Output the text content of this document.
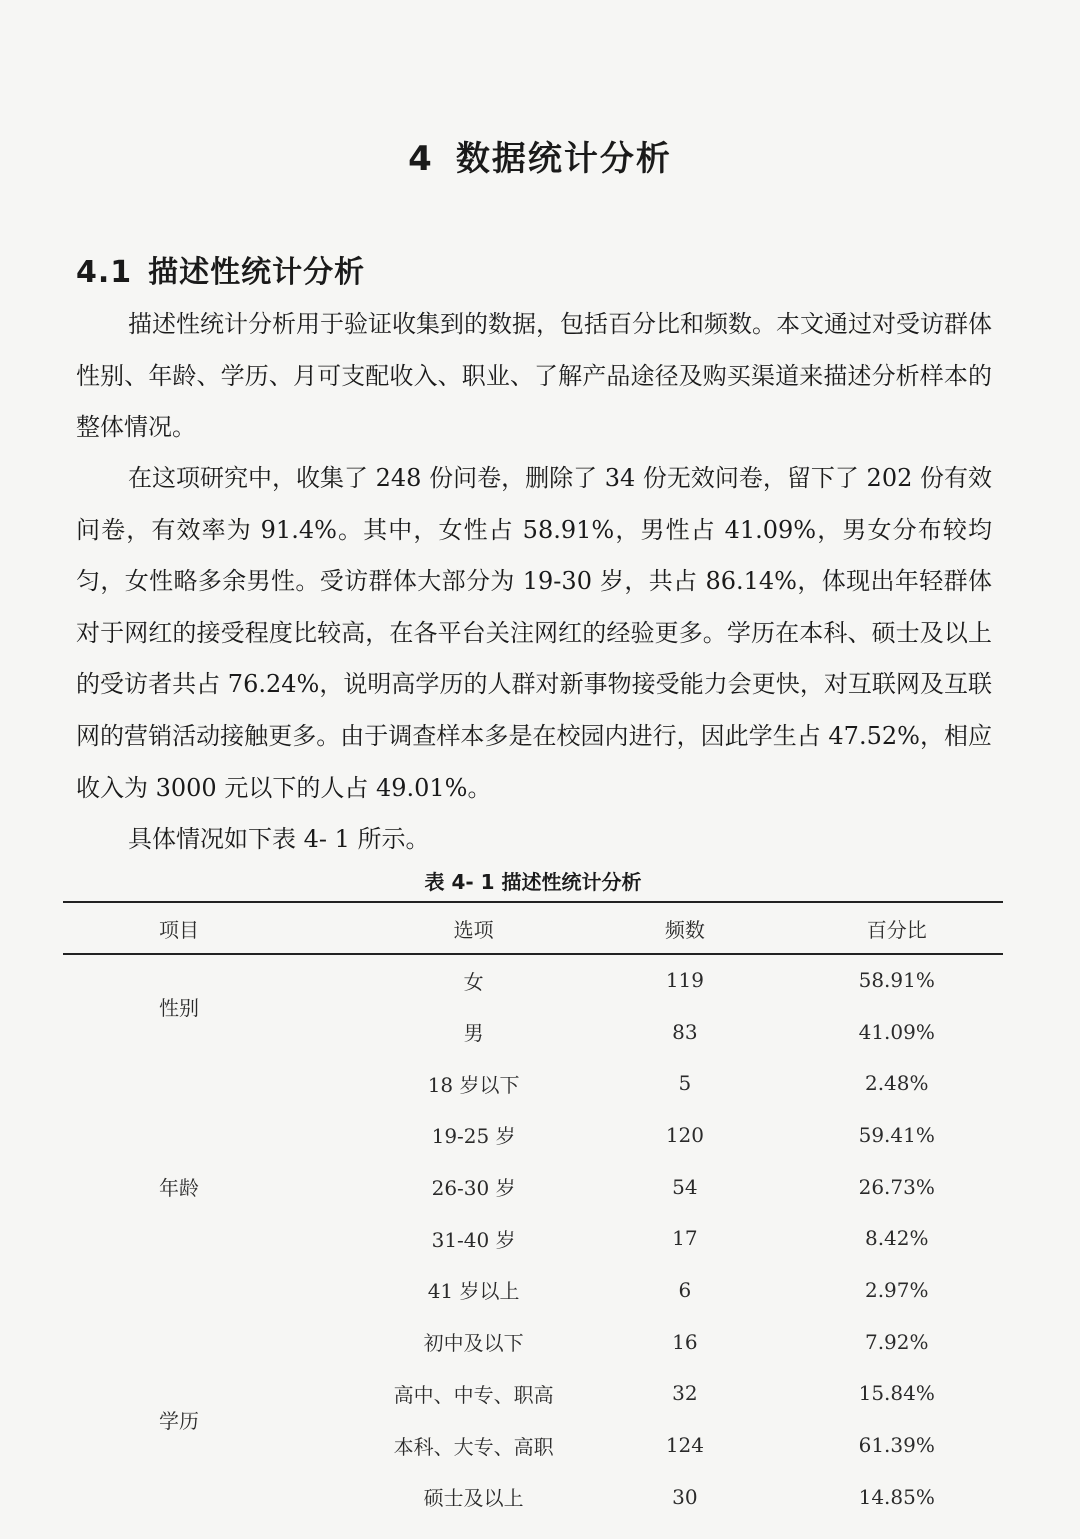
4 数据统计分析
4.1 描述性统计分析

描述性统计分析用于验证收集到的数据，包括百分比和频数。本文通过对受访群体性别、年龄、学历、月可支配收入、职业、了解产品途径及购买渠道来描述分析样本的整体情况。

在这项研究中，收集了 248 份问卷，删除了 34 份无效问卷，留下了 202 份有效问卷，有效率为 91.4%。其中，女性占 58.91%，男性占 41.09%，男女分布较均匀，女性略多余男性。受访群体大部分为 19-30 岁，共占 86.14%，体现出年轻群体对于网红的接受程度比较高，在各平台关注网红的经验更多。学历在本科、硕士及以上的受访者共占 76.24%，说明高学历的人群对新事物接受能力会更快，对互联网及互联网的营销活动接触更多。由于调查样本多是在校园内进行，因此学生占 47.52%，相应收入为 3000 元以下的人占 49.01%。

具体情况如下表 4- 1 所示。

表 4- 1 描述性统计分析
项目	选项	频数	百分比
性别	女	119	58.91%
	男	83	41.09%
年龄	18 岁以下	5	2.48%
	19-25 岁	120	59.41%
	26-30 岁	54	26.73%
	31-40 岁	17	8.42%
	41 岁以上	6	2.97%
学历	初中及以下	16	7.92%
	高中、中专、职高	32	15.84%
	本科、大专、高职	124	61.39%
	硕士及以上	30	14.85%
